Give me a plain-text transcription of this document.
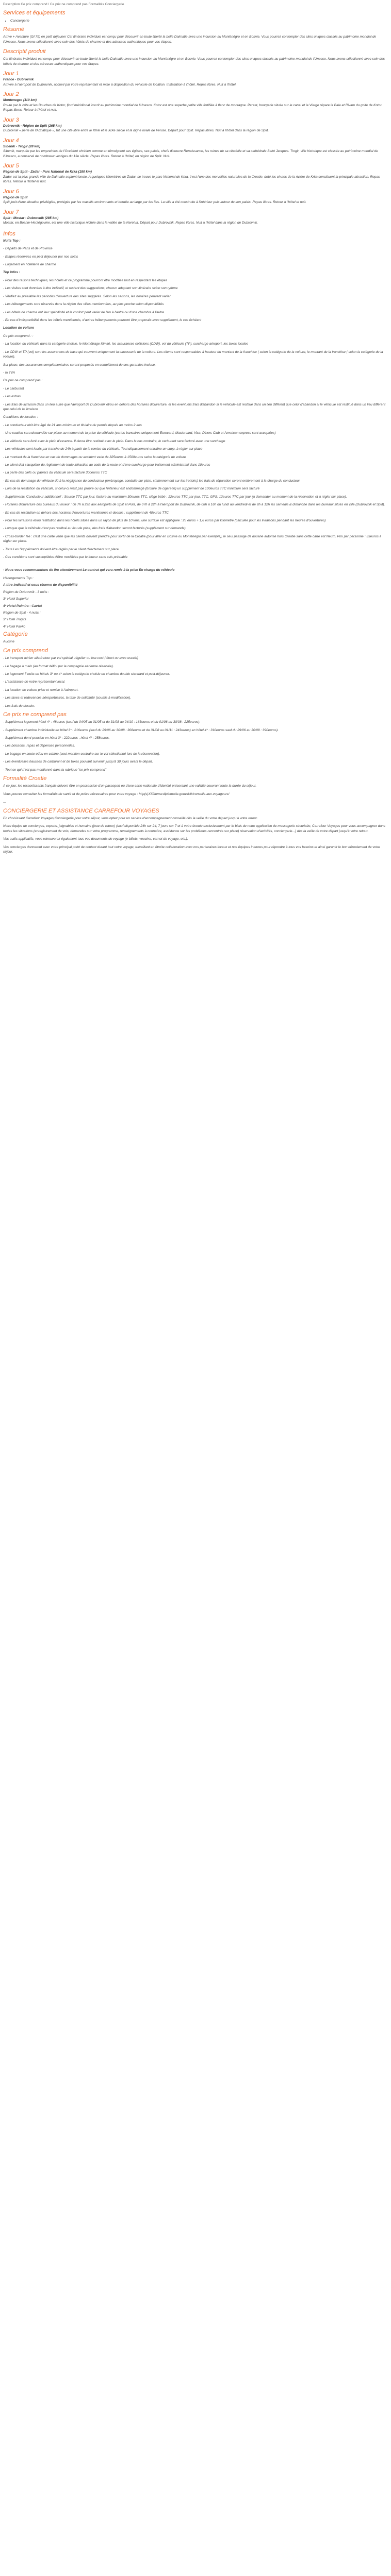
Description Ce prix comprend / Ce prix ne comprend pas Formalités Conciergerie
Services et équipements
• Conciergerie
Résumé

Arrive + Aventure (GI 79) en petit déjeuner Cet itinéraire individuel est conçu pour découvrir en toute liberté la belle Dalmatie avec une incursion au Monténégro et en Bosnie. Vous pourrez contempler des sites uniques classés au patrimoine mondial de l'Unesco. Nous avons sélectionné avec soin des hôtels de charme et des adresses authentiques pour vos étapes.

Descriptif produit

Cet itinéraire individuel est conçu pour découvrir en toute liberté la belle Dalmatie avec une incursion au Monténégro et en Bosnie. Vous pourrez contempler des sites uniques classés au patrimoine mondial de l'Unesco. Nous avons sélectionné avec soin des hôtels de charme et des adresses authentiques pour vos étapes.

Jour 1
France - Dubrovnik
Arrivée à l'aéroport de Dubrovnik, accueil par votre représentant et mise à disposition du véhicule de location. Installation à l'hôtel. Repas libres. Nuit à l'hôtel.
Jour 2
Montenegro (110 km)
Route par la côte et les Bouches de Kotor, fjord méridional inscrit au patrimoine mondial de l'Unesco. Kotor est une superbe petite ville fortifiée à flanc de montagne. Perast, bourgade située sur le canal et la Vierge répare la Baie et Rivam du golfe de Kotor. Repas libres. Retour à l'hôtel et nuit.
Jour 3
Dubrovnik - Région de Split (265 km)
Dubrovnik « perle de l'Adriatique », fut une cité libre entre le XIVe et le XIXe siècle et la digne rivale de Venise. Départ pour Split. Repas libres. Nuit à l'hôtel dans la région de Split.
Jour 4
Sibenik - Trogir (28 km)
Sibenik, marquée par les empreintes de l'Occident chrétien comme en témoignent ses églises, ses palais, chefs d'oeuvre Renaissance, les ruines de sa citadelle et sa cathédrale Saint Jacques. Trogir, ville historique est classée au patrimoine mondial de l'Unesco, a conservé de nombreux vestiges du 13e siècle. Repas libres. Retour à l'hôtel, en région de Split. Nuit.
Jour 5
Région de Split - Zadar - Parc National de Krka (180 km)
Zadar est la plus grande ville de Dalmatie septentrionale. A quelques kilomètres de Zadar, se trouve le parc National de Krka, il est l'une des merveilles naturelles de la Croatie, doté les chutes de la rivière de Krka constituent la principale attraction. Repas libres. Retour à l'hôtel et nuit.
Jour 6
Région de Split
Split jouit d'une situation privilégiée, protégée par les massifs environnants et bordée au large par les îles. La ville a été construite à l'intérieur puis autour de son palais. Repas libres. Retour à l'hôtel et nuit.
Jour 7
Split - Mostar - Dubrovnik (285 km)
Mostar, en Bosnie-Herzégovine, est une ville historique nichée dans la vallée de la Neretva. Départ pour Dubrovnik. Repas libres. Nuit à l'hôtel dans la région de Dubrovnik.
Infos
Nuits Top :
- Départs de Paris et de Province
- Etapes réservées en petit déjeuner par nos soins
- Logement en hôtellerie de charme
Top infos :
- Pour des raisons techniques, les hôtels et ce programme pourront être modifiés tout en respectant les étapes
- Les visites sont données à titre indicatif, et restent des suggestions, chacun adaptant son itinéraire selon son rythme
- Vérifiez au préalable les périodes d'ouverture des sites suggérés. Selon les saisons, les horaires peuvent varier
- Les hébergements sont réservés dans la région des villes mentionnées, au plus proche selon disponibilités
- Les hôtels de charme ont leur spécificité et le confort peut varier de l'un à l'autre ou d'une chambre à l'autre
- En cas d'indisponibilité dans les hôtels mentionnés, d'autres hébergements pourront être proposés avec supplément, le cas échéant
Location de voiture
Ce prix comprend : :
- La location du véhicule dans la catégorie choisie, le kilométrage illimité, les assurances collisions (CDW), vol du véhicule (TP), surcharge aéroport, les taxes locales
- Le CDW et TP (vol) sont les assurances de base qui couvrent uniquement la carrosserie de la voiture. Les clients sont responsables à hauteur du montant de la franchise ( selon la catégorie de la voiture, le montant de la franchise ( selon la catégorie de la voiture).
Sur place, des assurances complémentaires seront proposés en complément de ces garanties incluse.
- la TVA
Ce prix ne comprend pas :
- Le carburant
- Les extras
- Les frais de livraison dans un lieu autre que l'aéroport de Dubrovnik et/ou en dehors des horaires d'ouverture, et les eventuels frais d'abandon si le véhicule est restitué dans un lieu différent que celui d'abandon si le véhicule est restitué dans un lieu différent que celui de la livraison
Conditions de location :
- Le conducteur doit être âgé de 21 ans minimum et titulaire du permis depuis au moins 2 ans
- Une caution sera demandée sur place au moment de la prise du véhicule (cartes bancaires uniquement Eurocard, Mastercard, Visa, Diners Club et American express sont acceptées)
- Le véhicule sera livré avec le plein d'essence. Il devra être restitué avec le plein. Dans le cas contraire, le carburant sera facturé avec une surcharge
- Les véhicules sont loués par tranche de 24h à partir de la remise du véhicule. Tout dépassement entraîne un supp. à régler sur place
- Le montant de la franchise en cas de dommages ou accident varie de 825euros à 1500euros selon la catégorie de voiture
- Le client doit s'acquitter du règlement de toute infraction au code de la route et d'une surcharge pour traitement administratif dans 10euros
- La perte des clefs ou papiers du véhicule sera facturé 300euros TTC
- En cas de dommage du véhicule dû à la négligence du conducteur (embrayage, conduite sur piste, stationnement sur les trottoirs) les frais de réparation seront entièrement à la charge du conducteur.
- Lors de la restitution du véhicule, si celui-ci n'est pas propre ou que l'intérieur est endommagé (brûlure de cigarette) un supplément de 100euros TTC minimum sera facturé
- Suppléments 'Conducteur additionnel' : Source TTC par jour, facture au maximum 30euros TTC, siège bébé : 12euros TTC par jour, TTC, GPS: 12euros TTC par jour (à demander au moment de la réservation et à régler sur place).
- Horaires d'ouverture des bureaux du loueur : de 7h à 22h aux aéroports de Split et Pula, de 07h à 22h à l'aéroport de Dubrovnik, de 08h à 16h du lundi au vendredi et de 8h à 12h les samedis & dimanche dans les bureaux situés en ville (Dubrovnik et Split).
- En cas de restitution en dehors des horaires d'ouvertures mentionnés ci-dessus : supplément de 40euros TTC
- Pour les livraisons et/ou restitution dans les hôtels situés dans un rayon de plus de 10 kms, une surtaxe est appliquée : 25 euros + 1,6 euros par kilomètre (calculée pour les livraisons pendant les heures d'ouvertures)
- Lorsque que le véhicule n'est pas restitué au lieu de prise, des frais d'abandon seront facturés (supplément sur demande)
- Cross-border fee : c'est une carte verte que les clients doivent prendre pour sortir de la Croatie (pour aller en Bosnie ou Monténégro par exemple), le seul passage de douane autorisé hors Croatie sans cette carte est Neum. Prix par personne : 33euros à régler sur place.
- Tous Les Suppléments doivent être réglés par le client directement sur place.
- Ces conditions sont susceptibles d'être modifiées par le loueur sans avis préalable
- Nous vous recommandons de lire attentivement Le contrat qui vera remis à la prise En charge du véhicule
Hébergements Top :
A titre indicatif et sous réserve de disponibilité
Région de Dubrovnik - 3 nuits :
3* Hotel Superior
4* Hotel Palmira - Cavtat
Région de Split - 4 nuits :
3* Hotel Trogirs
4* Hotel Pavko
Catégorie
Aucune
Ce prix comprend
- Le transport aérien aller/retour par vol spécial, régulier ou low-cost (direct ou avec escale)
- Le bagage à main (au format défini par la compagnie aérienne réservée).
- Le logement 7 nuits en hôtels 3* ou 4* selon la catégorie choisie en chambre double standard et petit-déjeuner.
- L'assistance de notre représentant local.
- La location de voiture prise et remise à l'aéroport.
- Les taxes et redevances aéroportuaires, la taxe de solidarité (soumis à modification).
- Les frais de dossier.
Ce prix ne comprend pas
- Supplément logement hôtel 4* : 48euros (sauf du 04/05 au 31/05 et du 31/08 au 04/10 : 163euros et du 01/06 au 30/08 : 225euros).
- Supplément chambre individuelle en hôtel 3* : 216euros (sauf du 29/06 au 30/08 : 308euros et du 31/08 au 01/11 : 243euros) en hôtel 4* : 310euros sauf du 29/06 au 30/08 : 390euros).
- Supplément demi-pension en hôtel 3* : 222euros , hôtel 4* : 258euros.
- Les boissons, repas et dépenses personnelles.
- Le bagage en soute et/ou en cabine (seul mention contraire sur le vol sélectionné lors de la réservation).
- Les éventuelles hausses de carburant et de taxes pouvant survenir jusqu'à 30 jours avant le départ.
- Tout ce qui n'est pas mentionné dans la rubrique "ce prix comprend"
Formalité Croatie
A ce jour, les ressortissants français doivent être en possession d'un passeport ou d'une carte nationale d'identité présentant une validité couvrant toute la durée du séjour.
Vous pouvez consulter les formalités de santé et de police nécessaires pour votre voyage : http(s)XXXwww.diplomatie.gouv.fr/fr/conseils-aux-voyageurs/
...
CONCIERGERIE ET ASSISTANCE CARREFOUR VOYAGES
En choisissant Carrefour Voyages,Conciergerie pour votre séjour, vous optez pour un service d'accompagnement conseillé dès la veille du votre départ jusqu'à votre retour.
Notre équipe de concierges, experts, joignables et humains (joue de retour) (sauf disponible 24h sur 24, 7 jours sur 7 et à votre écoute exclusivement par le biais de notre application de messagerie sécurisée, Carrefour Voyages pour vous accompagner dans toutes les situations (enregistrement de vols, demandes sur votre programme, renseignements à connaître, assistance sur les problèmes rencontrés sur place) réservation d'activités, conciergerie...) dès la veille de votre départ jusqu'à votre retour.
Vos outils applicatifs, vous retrouverez également tous vos documents de voyage (e-billets, voucher, carnet de voyage, etc.).
Vos concierges donneront avec votre principal point de contact durant tout votre voyage, travaillant en étroite collaboration avec nos partenaires locaux et nos équipes internes pour répondre à tous vos besoins et ainsi garantir le bon déroulement de votre séjour.
